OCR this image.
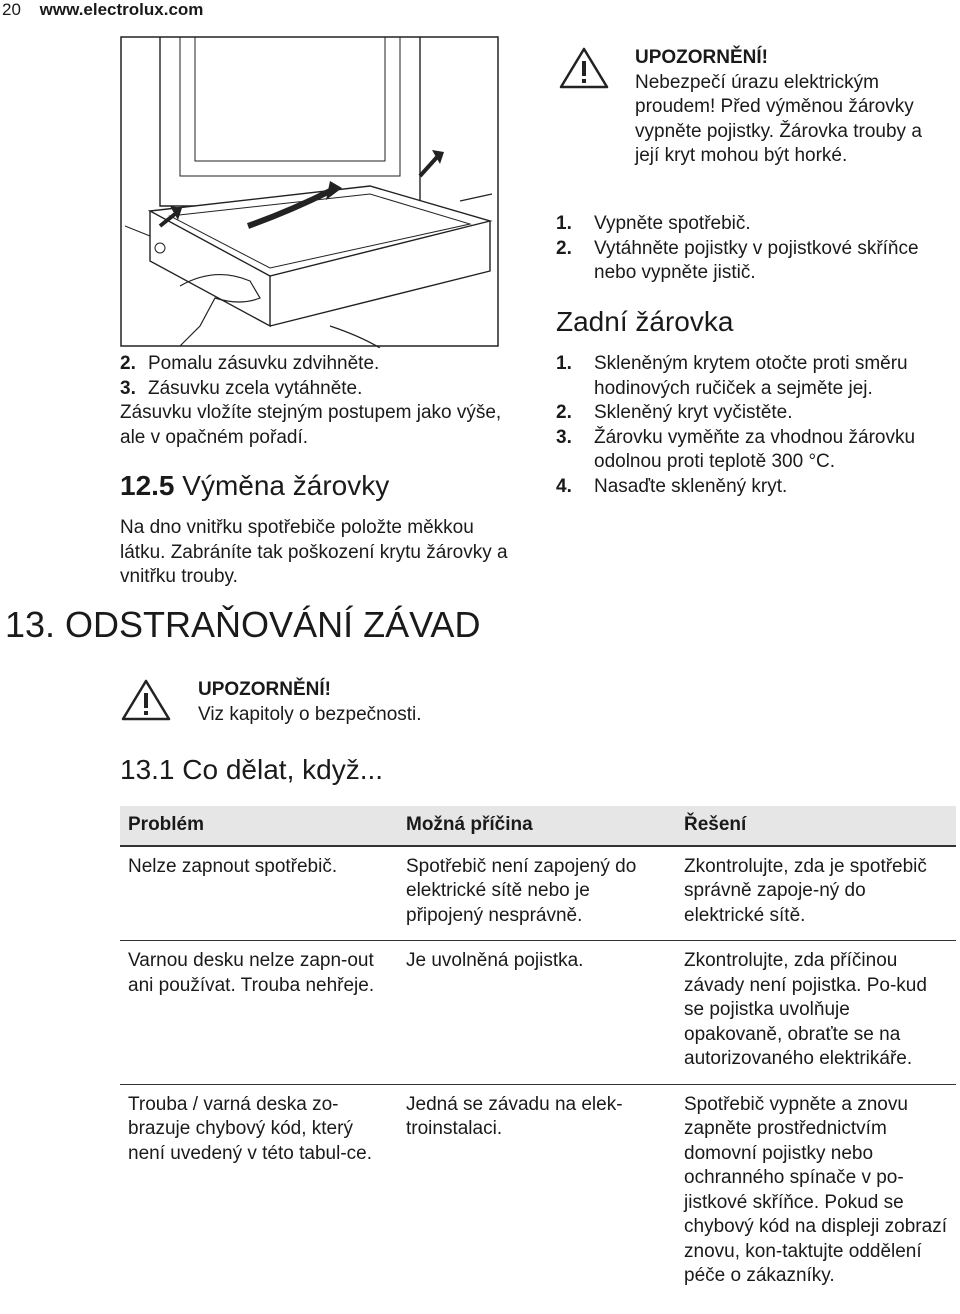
20 www.electrolux.com
2. Pomalu zásuvku zdvihněte.
3. Zásuvku zcela vytáhněte.
Zásuvku vložíte stejným postupem jako výše, ale v opačném pořadí.
12.5 Výměna žárovky
Na dno vnitřku spotřebiče položte měkkou látku. Zabráníte tak poškození krytu žárovky a vnitřku trouby.
13. ODSTRAŇOVÁNÍ ZÁVAD
UPOZORNĚNÍ!
Viz kapitoly o bezpečnosti.
13.1 Co dělat, když...
UPOZORNĚNÍ!
Nebezpečí úrazu elektrickým proudem! Před výměnou žárovky vypněte pojistky. Žárovka trouby a její kryt mohou být horké.
1.	Vypněte spotřebič.
2.	Vytáhněte pojistky v pojistkové skříňce nebo vypněte jistič.
Zadní žárovka
1.	Skleněným krytem otočte proti směru hodinových ručiček a sejměte jej.
2.	Skleněný kryt vyčistěte.
3.	Žárovku vyměňte za vhodnou žárovku odolnou proti teplotě 300 °C.
4.	Nasaďte skleněný kryt.
Problém	Možná příčina	Řešení
Nelze zapnout spotřebič.	Spotřebič není zapojený do elektrické sítě nebo je připojený nesprávně.	Zkontrolujte, zda je spotřebič správně zapoje-ný do elektrické sítě.
Varnou desku nelze zapn-out ani používat. Trouba nehřeje.	Je uvolněná pojistka.	Zkontrolujte, zda příčinou závady není pojistka. Po-kud se pojistka uvolňuje opakovaně, obraťte se na autorizovaného elektrikáře.
Trouba / varná deska zo-brazuje chybový kód, který není uvedený v této tabul-ce.	Jedná se závadu na elek-troinstalaci.	Spotřebič vypněte a znovu zapněte prostřednictvím domovní pojistky nebo ochranného spínače v po-jistkové skříňce. Pokud se chybový kód na displeji zobrazí znovu, kon-taktujte oddělení péče o zákazníky.
